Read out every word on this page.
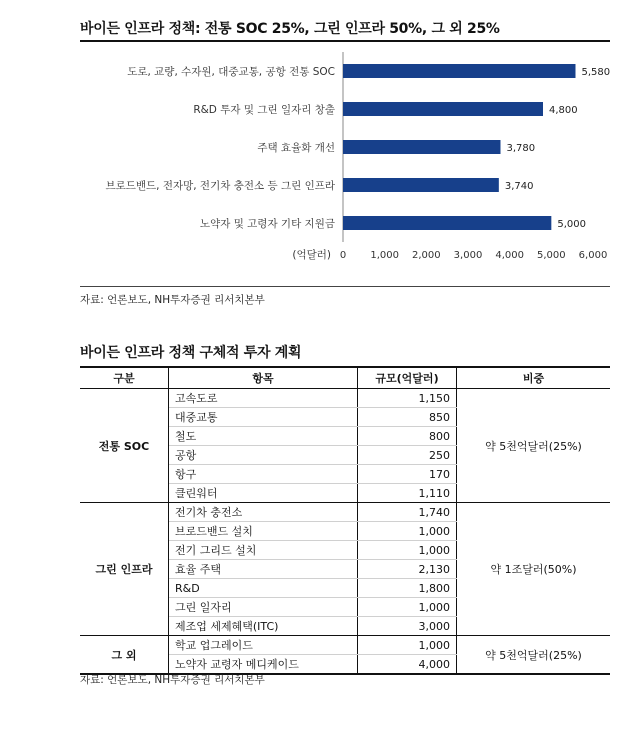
바이든 인프라 정책: 전통 SOC 25%, 그린 인프라 50%, 그 외 25%
도로, 교량, 수자원, 대중교통, 공항 전통 SOC	5,580
R&D 투자 및 그린 일자리 창출	4,800
주택 효율화 개선	3,780
브로드밴드, 전자망, 전기차 충전소 등 그린 인프라	3,740
노약자 및 고령자 기타 지원금	5,000
0 1,000 2,000 3,000 4,000 5,000 6,000
(억달러)
자료: 언론보도, NH투자증권 리서치본부
바이든 인프라 정책 구체적 투자 계획
구분	항목	규모(억달러)	비중
전통 SOC	고속도로	1,150	약 5천억달러(25%)
	대중교통	850	
	철도	800	
	공항	250	
	항구	170	
	클린워터	1,110	
그린 인프라	전기차 충전소	1,740	약 1조달러(50%)
	브로드밴드 설치	1,000	
	전기 그리드 설치	1,000	
	효율 주택	2,130	
	R&D	1,800	
	그린 일자리	1,000	
	제조업 세제혜택(ITC)	3,000	
그 외	학교 업그레이드	1,000	약 5천억달러(25%)
	노약자 교령자 메디케이드	4,000	
자료: 언론보도, NH투자증권 리서치본부
